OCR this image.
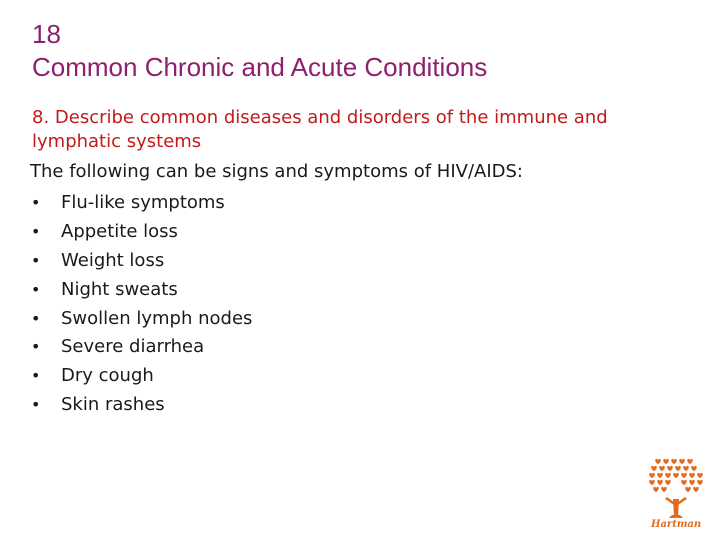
18
Common Chronic and Acute Conditions
8. Describe common diseases and disorders of the immune and lymphatic systems
The following can be signs and symptoms of HIV/AIDS:
•	Flu-like symptoms
•	Appetite loss
•	Weight loss
•	Night sweats
•	Swollen lymph nodes
•	Severe diarrhea
•	Dry cough
•	Skin rashes
Hartman
